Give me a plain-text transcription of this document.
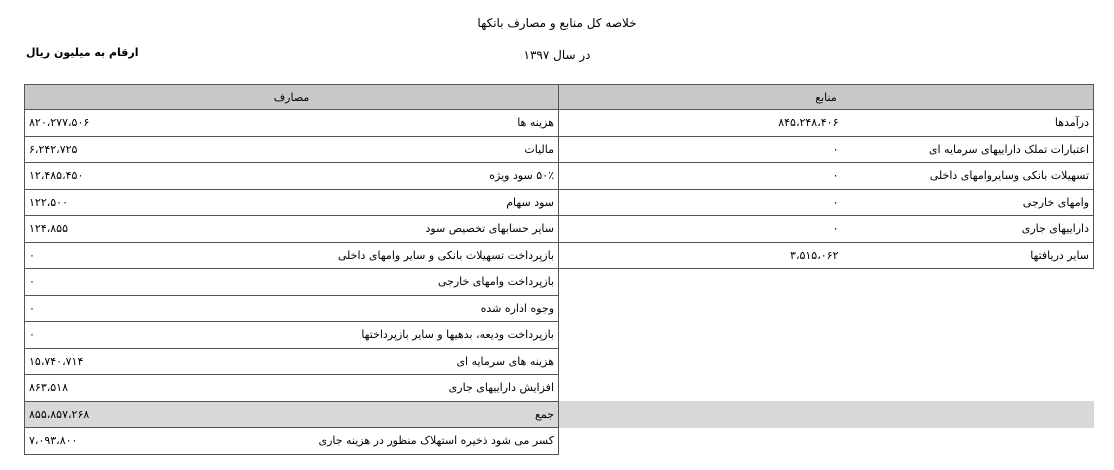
خلاصه کل منابع و مصارف بانکها
در سال ۱۳۹۷
ارقام به میلیون ریال
مصارف		منابع	
۸۲۰،۲۷۷،۵۰۶	هزینه ها	۸۴۵،۲۴۸،۴۰۶	درآمدها
۶،۲۴۲،۷۲۵	مالیات	۰	اعتبارات تملک داراییهای سرمایه ای
۱۲،۴۸۵،۴۵۰	۵۰٪ سود ویژه	۰	تسهیلات بانکی وسایروامهای داخلی
۱۲۲،۵۰۰	سود سهام	۰	وامهای خارجی
۱۲۴،۸۵۵	سایر حسابهای تخصیص سود	۰	داراییهای جاری
۰	بازپرداخت تسهیلات بانکی و سایر وامهای داخلی	۳،۵۱۵،۰۶۲	سایر دریافتها
۰	بازپرداخت وامهای خارجی		
۰	وجوه اداره شده		
۰	بازپرداخت ودیعه، بدهیها و سایر بازپرداختها		
۱۵،۷۴۰،۷۱۴	هزینه های سرمایه ای		
۸۶۳،۵۱۸	افزایش داراییهای جاری		
۸۵۵،۸۵۷،۲۶۸	جمع		
۷،۰۹۳،۸۰۰	کسر می شود ذخیره استهلاک منظور در هزینه جاری		
